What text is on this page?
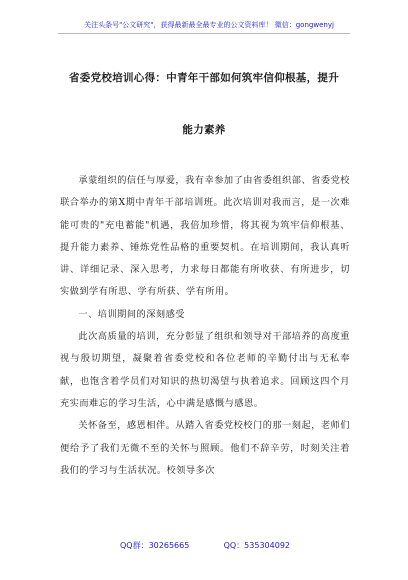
关注头条号"公文研究"，获得最新最全最专业的公文资料库！ 微信：gongwenyj
省委党校培训心得：中青年干部如何筑牢信仰根基，提升
能力素养

承蒙组织的信任与厚爱，我有幸参加了由省委组织部、省委党校联合举办的第X期中青年干部培训班。此次培训对我而言，是一次难能可贵的"充电蓄能"机遇，我倍加珍惜，将其视为筑牢信仰根基、提升能力素养、锤炼党性品格的重要契机。在培训期间，我认真听讲、详细记录、深入思考，力求每日都能有所收获、有所进步，切实做到学有所思、学有所获、学有所用。

一、培训期间的深刻感受

此次高质量的培训，充分彰显了组织和领导对干部培养的高度重视与殷切期望，凝聚着省委党校和各位老师的辛勤付出与无私奉献，也饱含着学员们对知识的热切渴望与执着追求。回顾这四个月充实而难忘的学习生活，心中满是感慨与感恩。

关怀备至，感恩相伴。从踏入省委党校校门的那一刻起，老师们便给予了我们无微不至的关怀与照顾。他们不辞辛劳，时刻关注着我们的学习与生活状况。校领导多次

QQ群：30265665	QQ：535304092
